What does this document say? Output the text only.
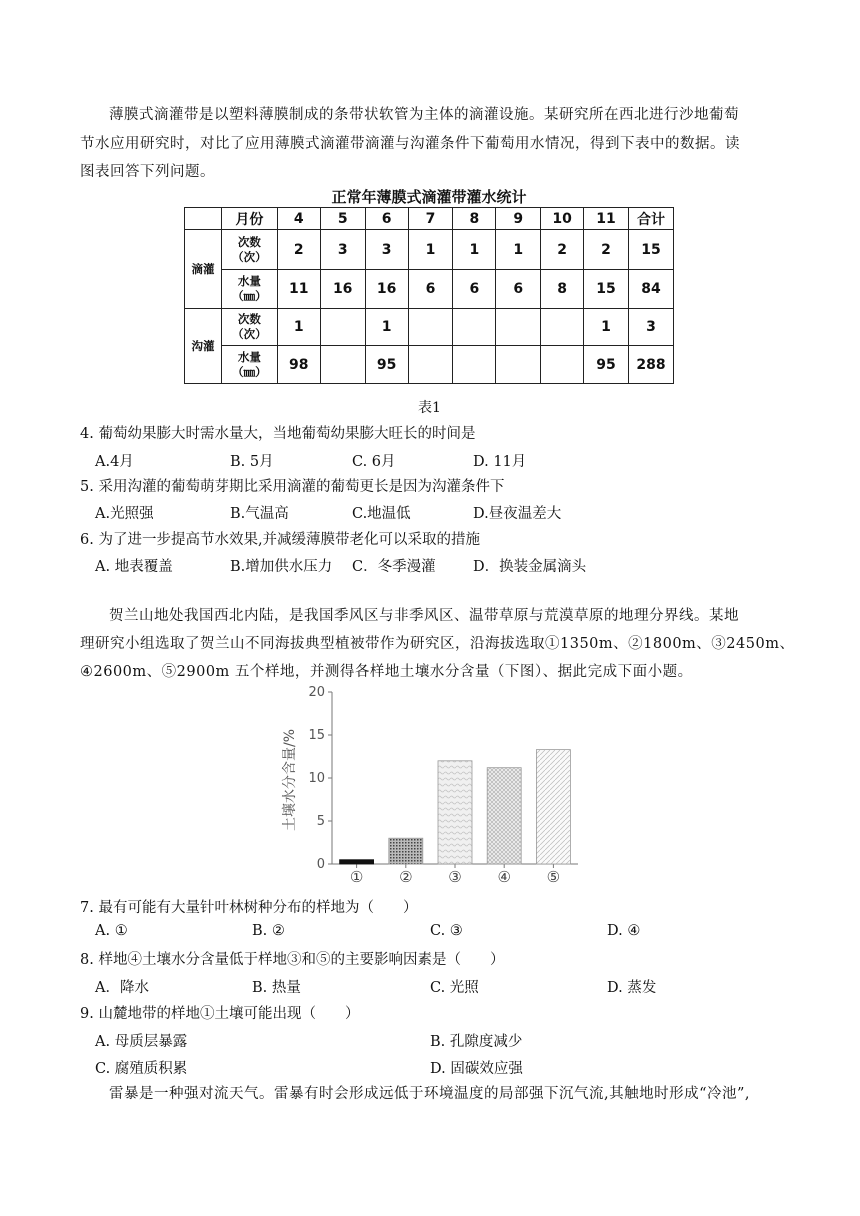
薄膜式滴灌带是以塑料薄膜制成的条带状软管为主体的滴灌设施。某研究所在西北进行沙地葡萄

节水应用研究时，对比了应用薄膜式滴灌带滴灌与沟灌条件下葡萄用水情况，得到下表中的数据。读

图表回答下列问题。

正常年薄膜式滴灌带灌水统计
	月份	4	5	6	7	8	9	10	11	合计
滴灌	次数
（次）	2	3	3	1	1	1	2	2	15
	水量
（㎜）	11	16	16	6	6	6	8	15	84
沟灌	次数
（次）	1		1					1	3
	水量
（㎜）	98		95					95	288
表1

4. 葡萄幼果膨大时需水量大，当地葡萄幼果膨大旺长的时间是

A.4月	B. 5月	C. 6月	D. 11月

5. 采用沟灌的葡萄萌芽期比采用滴灌的葡萄更长是因为沟灌条件下

A.光照强	B.气温高	C.地温低	D.昼夜温差大

6. 为了进一步提高节水效果,并减缓薄膜带老化可以采取的措施

A. 地表覆盖	B.增加供水压力 C．冬季漫灌	D．换装金属滴头

贺兰山地处我国西北内陆，是我国季风区与非季风区、温带草原与荒漠草原的地理分界线。某地

理研究小组选取了贺兰山不同海拔典型植被带作为研究区，沿海拔选取①1350m、②1800m、③2450m、

④2600m、⑤2900m 五个样地，并测得各样地土壤水分含量（下图）、据此完成下面小题。

0
5
10
15
20
① ② ③ ④ ⑤
土壤水分含量/%

7. 最有可能有大量针叶林树种分布的样地为（　　）

A. ①	B. ②	C. ③	D. ④

8. 样地④土壤水分含量低于样地③和⑤的主要影响因素是（　　）

A．降水	B. 热量	C. 光照	D. 蒸发

9. 山麓地带的样地①土壤可能出现（　　）

A. 母质层暴露	B. 孔隙度减少
C. 腐殖质积累	D. 固碳效应强

雷暴是一种强对流天气。雷暴有时会形成远低于环境温度的局部强下沉气流,其触地时形成“冷池”,
